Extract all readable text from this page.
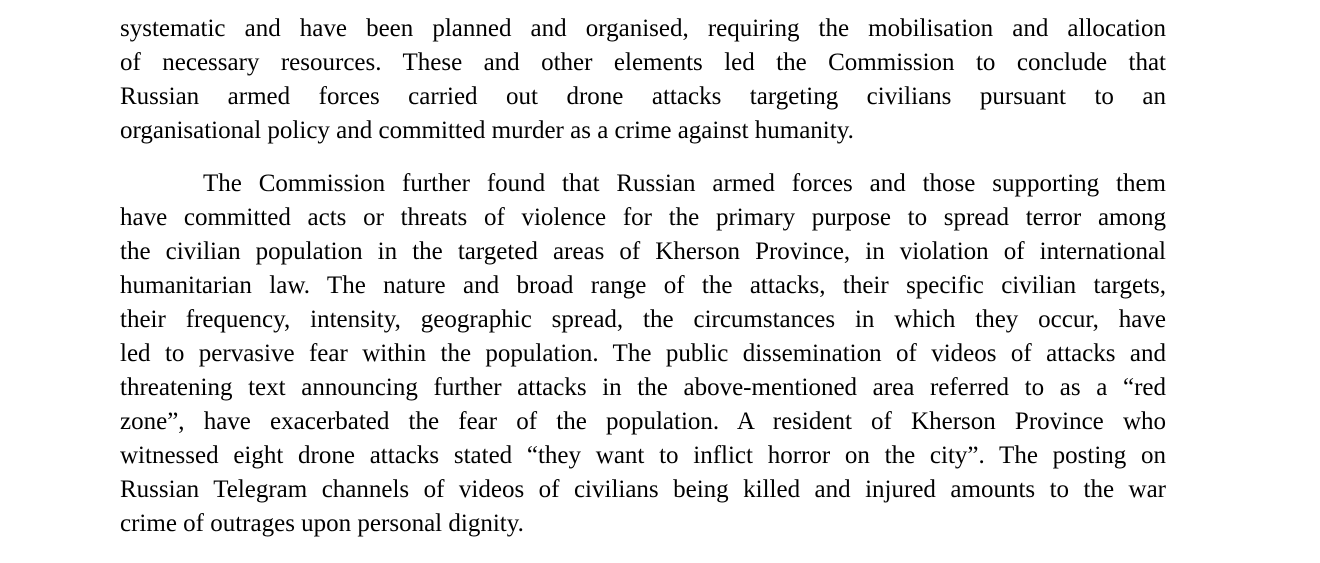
systematic and have been planned and organised, requiring the mobilisation and allocation
of necessary resources. These and other elements led the Commission to conclude that
Russian armed forces carried out drone attacks targeting civilians pursuant to an
organisational policy and committed murder as a crime against humanity.
The Commission further found that Russian armed forces and those supporting them
have committed acts or threats of violence for the primary purpose to spread terror among
the civilian population in the targeted areas of Kherson Province, in violation of international
humanitarian law. The nature and broad range of the attacks, their specific civilian targets,
their frequency, intensity, geographic spread, the circumstances in which they occur, have
led to pervasive fear within the population. The public dissemination of videos of attacks and
threatening text announcing further attacks in the above-mentioned area referred to as a “red
zone”, have exacerbated the fear of the population. A resident of Kherson Province who
witnessed eight drone attacks stated “they want to inflict horror on the city”. The posting on
Russian Telegram channels of videos of civilians being killed and injured amounts to the war
crime of outrages upon personal dignity.
